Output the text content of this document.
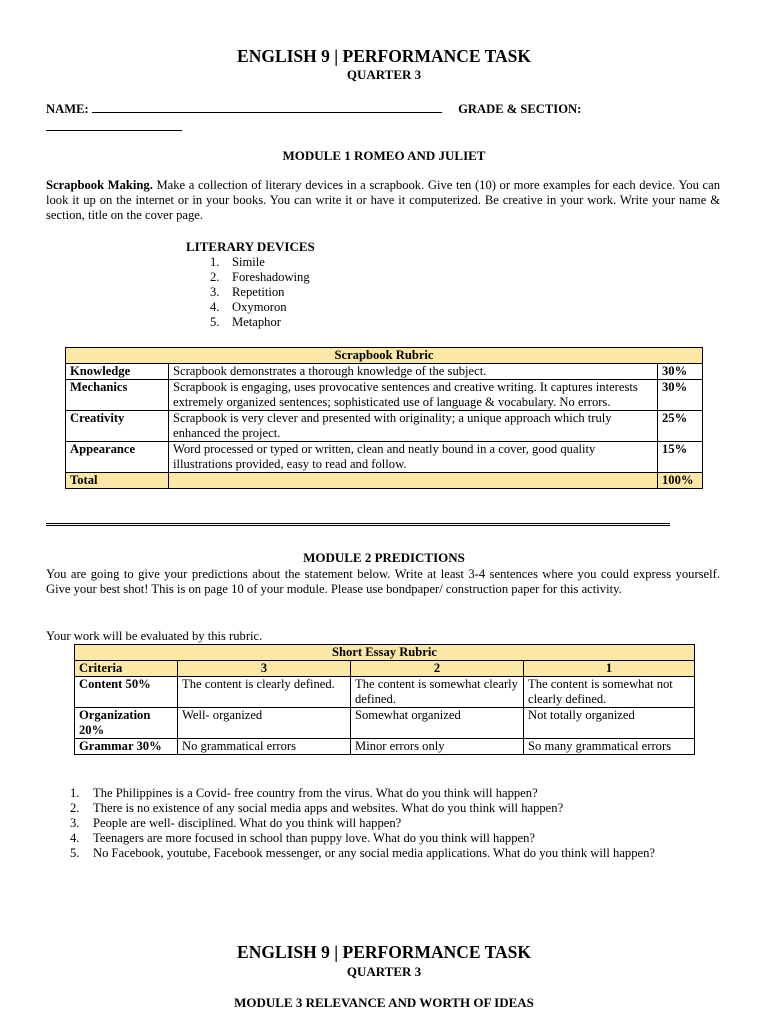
ENGLISH 9 | PERFORMANCE TASK
QUARTER 3
NAME:	GRADE & SECTION:
MODULE 1 ROMEO AND JULIET
Scrapbook Making. Make a collection of literary devices in a scrapbook. Give ten (10) or more examples for each device. You can look it up on the internet or in your books. You can write it or have it computerized. Be creative in your work. Write your name & section, title on the cover page.
LITERARY DEVICES
1. Simile
2. Foreshadowing
3. Repetition
4. Oxymoron
5. Metaphor
Scrapbook Rubric		
Knowledge	Scrapbook demonstrates a thorough knowledge of the subject.	30%
Mechanics	Scrapbook is engaging, uses provocative sentences and creative writing. It captures interests extremely organized sentences; sophisticated use of language & vocabulary. No errors.	30%
Creativity	Scrapbook is very clever and presented with originality; a unique approach which truly enhanced the project.	25%
Appearance	Word processed or typed or written, clean and neatly bound in a cover, good quality illustrations provided, easy to read and follow.	15%
Total		100%
MODULE 2 PREDICTIONS
You are going to give your predictions about the statement below. Write at least 3-4 sentences where you could express yourself. Give your best shot! This is on page 10 of your module. Please use bondpaper/ construction paper for this activity.
Your work will be evaluated by this rubric.
Short Essay Rubric			
Criteria	3	2	1
Content 50%	The content is clearly defined.	The content is somewhat clearly defined.	The content is somewhat not clearly defined.
Organization 20%	Well- organized	Somewhat organized	Not totally organized
Grammar 30%	No grammatical errors	Minor errors only	So many grammatical errors
1. The Philippines is a Covid- free country from the virus. What do you think will happen?
2. There is no existence of any social media apps and websites. What do you think will happen?
3. People are well- disciplined. What do you think will happen?
4. Teenagers are more focused in school than puppy love. What do you think will happen?
5. No Facebook, youtube, Facebook messenger, or any social media applications. What do you think will happen?
ENGLISH 9 | PERFORMANCE TASK
QUARTER 3
MODULE 3 RELEVANCE AND WORTH OF IDEAS
